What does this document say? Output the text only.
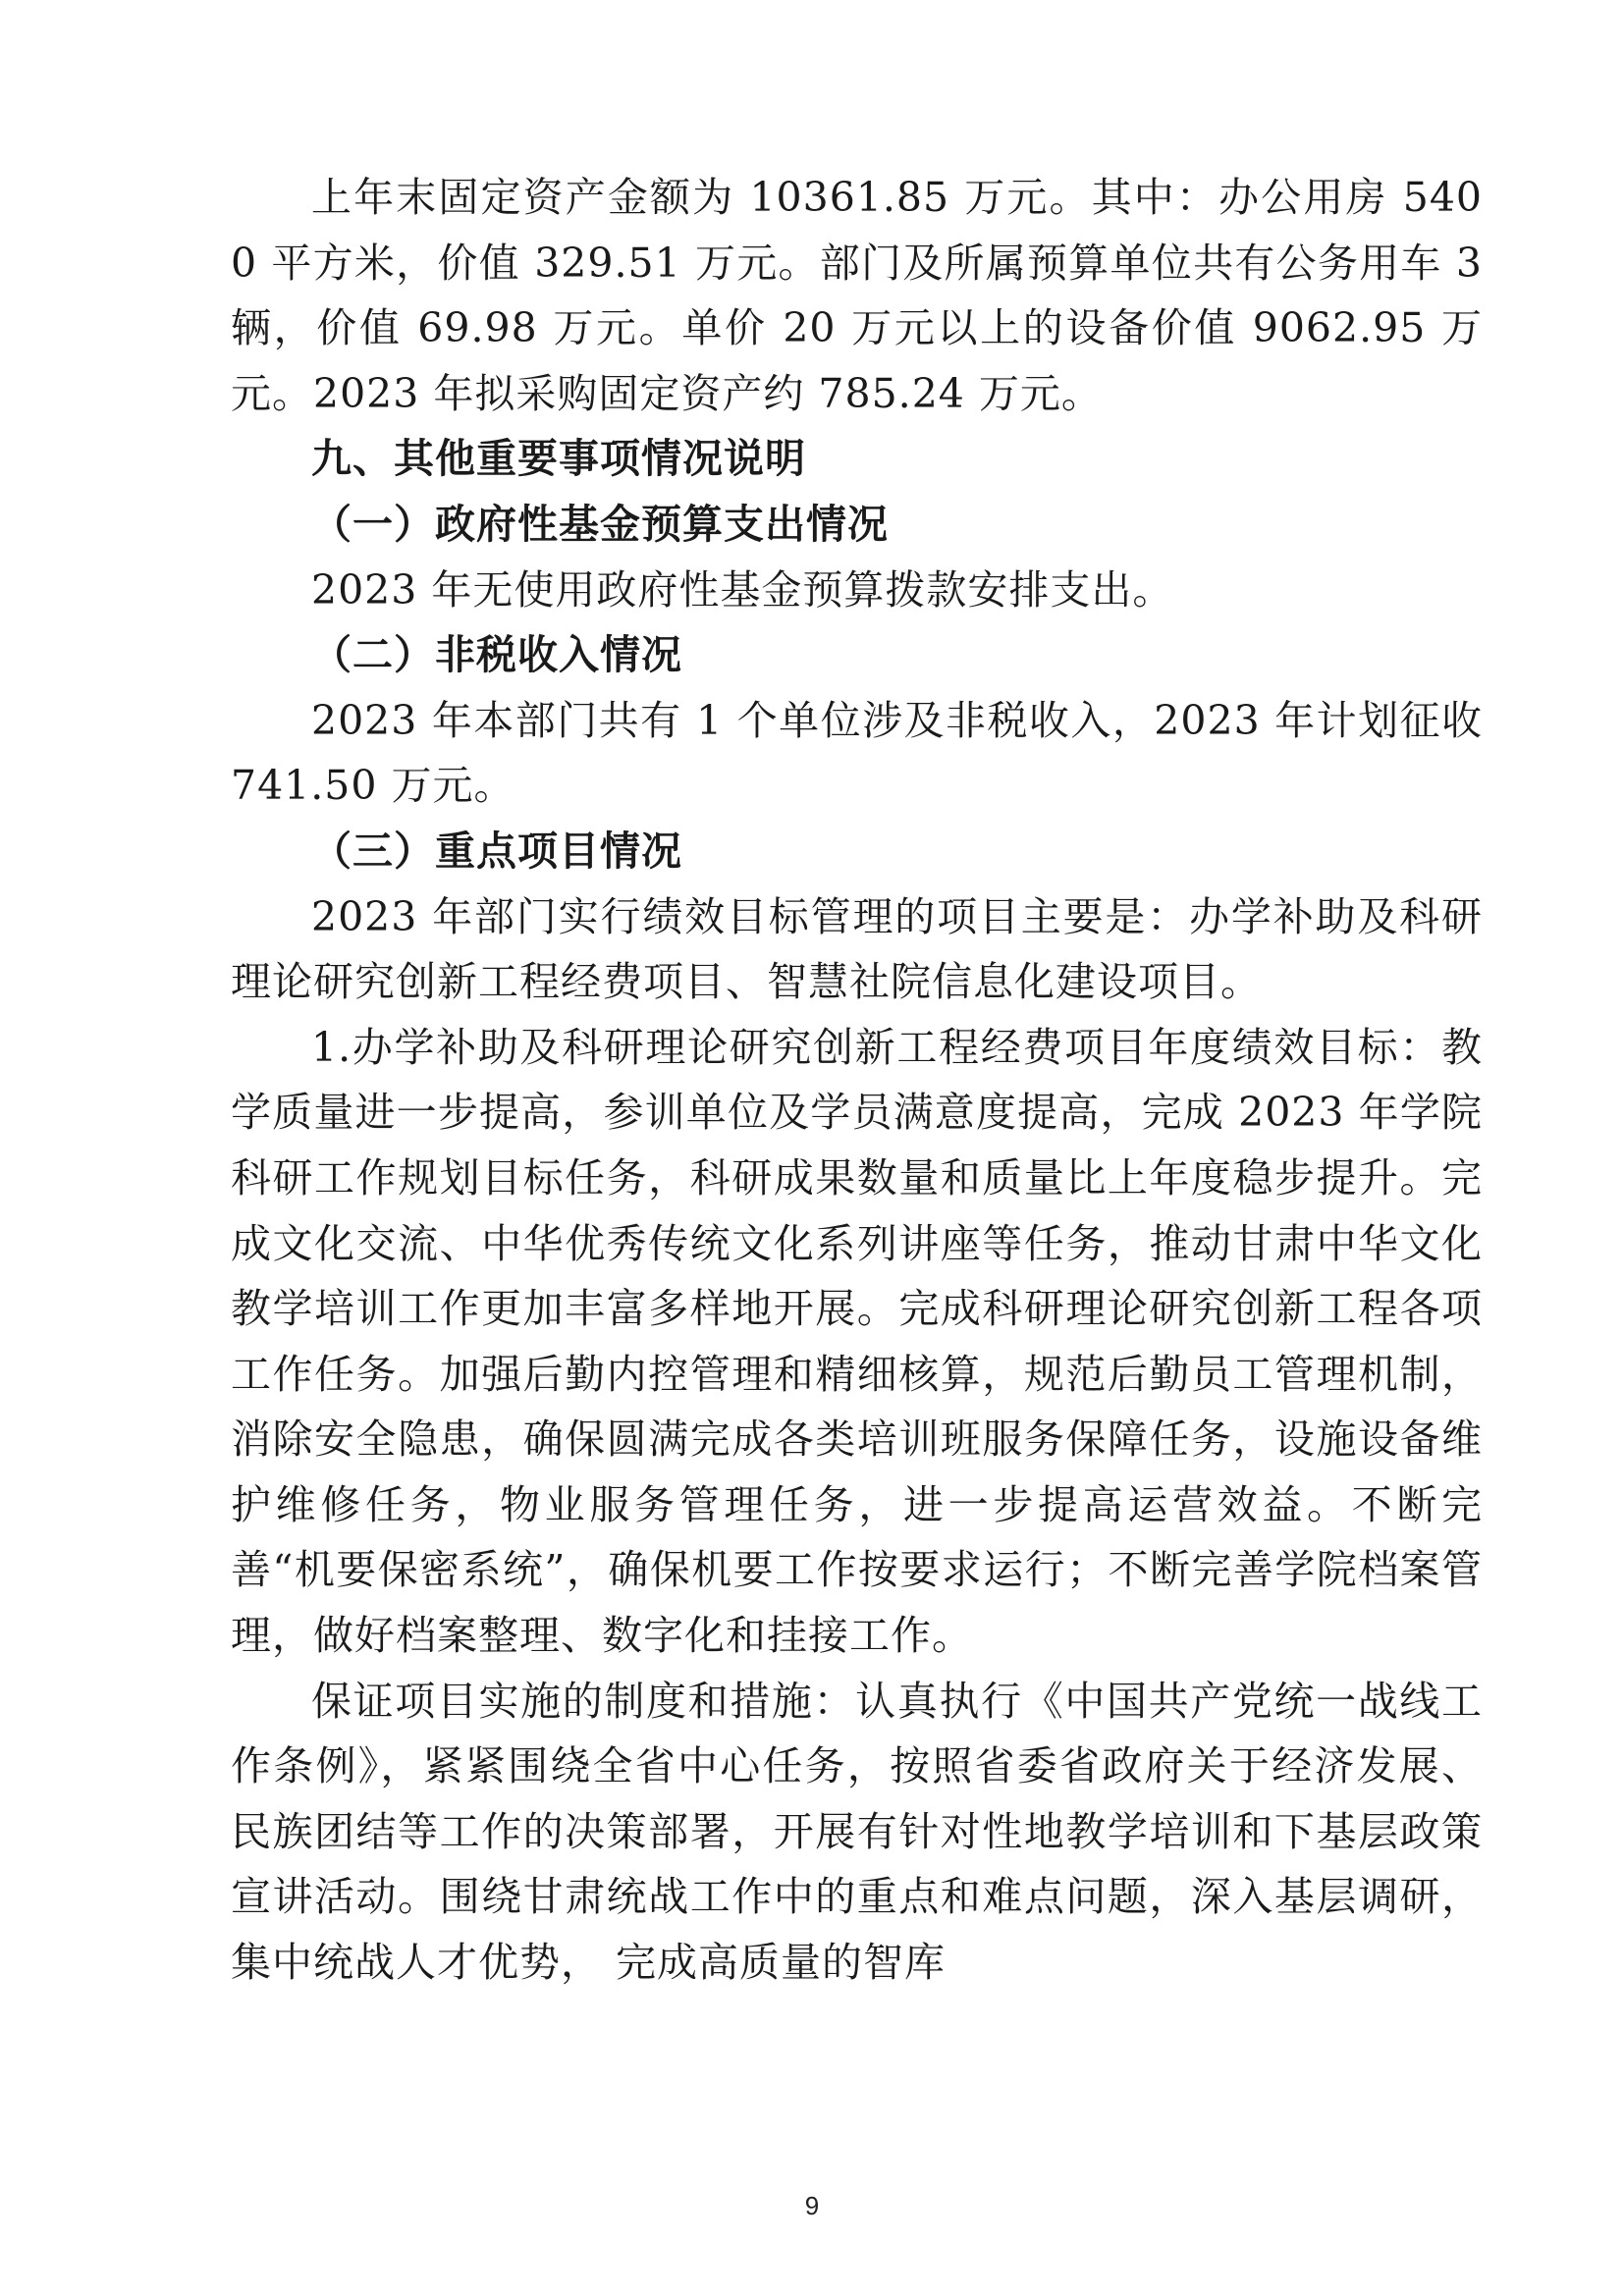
上年末固定资产金额为 10361.85 万元。其中：办公用房 5400 平方米，价值 329.51 万元。部门及所属预算单位共有公务用车 3 辆，价值 69.98 万元。单价 20 万元以上的设备价值 9062.95 万元。2023 年拟采购固定资产约 785.24 万元。

九、其他重要事项情况说明

（一）政府性基金预算支出情况

2023 年无使用政府性基金预算拨款安排支出。

（二）非税收入情况

2023 年本部门共有 1 个单位涉及非税收入，2023 年计划征收 741.50 万元。

（三）重点项目情况

2023 年部门实行绩效目标管理的项目主要是：办学补助及科研理论研究创新工程经费项目、智慧社院信息化建设项目。

1.办学补助及科研理论研究创新工程经费项目年度绩效目标：教学质量进一步提高，参训单位及学员满意度提高，完成 2023 年学院科研工作规划目标任务，科研成果数量和质量比上年度稳步提升。完成文化交流、中华优秀传统文化系列讲座等任务，推动甘肃中华文化教学培训工作更加丰富多样地开展。完成科研理论研究创新工程各项工作任务。加强后勤内控管理和精细核算，规范后勤员工管理机制，消除安全隐患，确保圆满完成各类培训班服务保障任务，设施设备维护维修任务，物业服务管理任务，进一步提高运营效益。不断完善“机要保密系统”，确保机要工作按要求运行；不断完善学院档案管理，做好档案整理、数字化和挂接工作。

保证项目实施的制度和措施：认真执行《中国共产党统一战线工作条例》，紧紧围绕全省中心任务，按照省委省政府关于经济发展、民族团结等工作的决策部署，开展有针对性地教学培训和下基层政策宣讲活动。围绕甘肃统战工作中的重点和难点问题，深入基层调研，集中统战人才优势， 完成高质量的智库

9
